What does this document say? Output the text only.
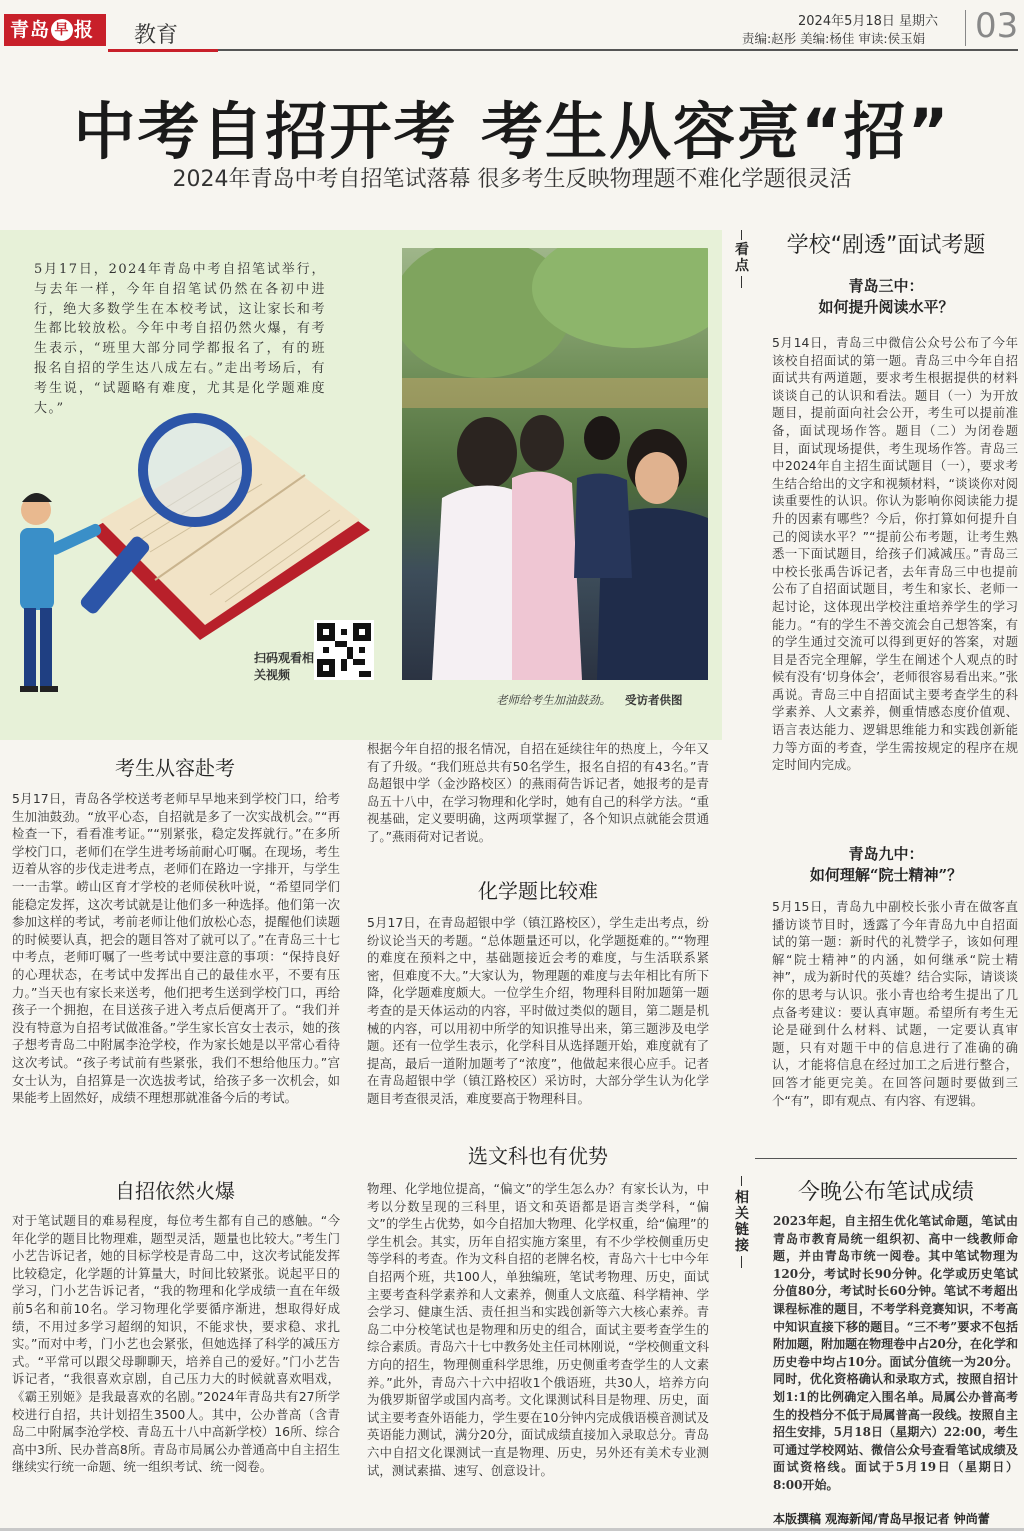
青岛 早 报	教育
2024年5月18日 星期六
责编:赵彤 美编:杨佳 审读:侯玉娟 03
中考自招开考 考生从容亮“招”
2024年青岛中考自招笔试落幕 很多考生反映物理题不难化学题很灵活
5月17日，2024年青岛中考自招笔试举行，与去年一样，今年自招笔试仍然在各初中进行，绝大多数学生在本校考试，这让家长和考生都比较放松。今年中考自招仍然火爆，有考生表示，“班里大部分同学都报名了，有的班报名自招的学生达八成左右。”走出考场后，有考生说，“试题略有难度，尤其是化学题难度大。”
扫码观看相关视频
老师给考生加油鼓劲。 受访者供图
考生从容赴考
5月17日，青岛各学校送考老师早早地来到学校门口，给考生加油鼓劲。“放平心态，自招就是多了一次实战机会。”“再检查一下，看看准考证。”“别紧张，稳定发挥就行。”在多所学校门口，老师们在学生进考场前耐心叮嘱。在现场，考生迈着从容的步伐走进考点，老师们在路边一字排开，与学生一一击掌。崂山区育才学校的老师侯秋叶说，“希望同学们能稳定发挥，这次考试就是让他们多一种选择。他们第一次参加这样的考试，考前老师让他们放松心态，提醒他们读题的时候要认真，把会的题目答对了就可以了。”在青岛三十七中考点，老师叮嘱了一些考试中要注意的事项：“保持良好的心理状态，在考试中发挥出自己的最佳水平，不要有压力。”当天也有家长来送考，他们把考生送到学校门口，再给孩子一个拥抱，在目送孩子进入考点后便离开了。“我们并没有特意为自招考试做准备。”学生家长宫女士表示，她的孩子想考青岛二中附属李沧学校，作为家长她是以平常心看待这次考试。“孩子考试前有些紧张，我们不想给他压力。”宫女士认为，自招算是一次选拔考试，给孩子多一次机会，如果能考上固然好，成绩不理想那就准备今后的考试。
自招依然火爆
对于笔试题目的难易程度，每位考生都有自己的感触。“今年化学的题目比物理难，题型灵活，题量也比较大。”考生门小艺告诉记者，她的目标学校是青岛二中，这次考试能发挥比较稳定，化学题的计算量大，时间比较紧张。说起平日的学习，门小艺告诉记者，“我的物理和化学成绩一直在年级前5名和前10名。学习物理化学要循序渐进，想取得好成绩，不用过多学习超纲的知识，不能求快，要求稳、求扎实。”而对中考，门小艺也会紧张，但她选择了科学的减压方式。“平常可以跟父母聊聊天，培养自己的爱好。”门小艺告诉记者，“我很喜欢京剧，自己压力大的时候就喜欢唱戏，《霸王别姬》是我最喜欢的名剧。”2024年青岛共有27所学校进行自招，共计划招生3500人。其中，公办普高（含青岛二中附属李沧学校、青岛五十八中高新学校）16所、综合高中3所、民办普高8所。青岛市局属公办普通高中自主招生继续实行统一命题、统一组织考试、统一阅卷。
根据今年自招的报名情况，自招在延续往年的热度上，今年又有了升级。“我们班总共有50名学生，报名自招的有43名。”青岛超银中学（金沙路校区）的燕雨荷告诉记者，她报考的是青岛五十八中，在学习物理和化学时，她有自己的科学方法。“重视基础，定义要明确，这两项掌握了，各个知识点就能会贯通了。”燕雨荷对记者说。
化学题比较难
5月17日，在青岛超银中学（镇江路校区），学生走出考点，纷纷议论当天的考题。“总体题量还可以，化学题挺难的。”“物理的难度在预料之中，基础题接近会考的难度，与生活联系紧密，但难度不大。”大家认为，物理题的难度与去年相比有所下降，化学题难度颇大。一位学生介绍，物理科目附加题第一题考查的是天体运动的内容，平时做过类似的题目，第二题是机械的内容，可以用初中所学的知识推导出来，第三题涉及电学题。还有一位学生表示，化学科目从选择题开始，难度就有了提高，最后一道附加题考了“浓度”，他做起来很心应手。记者在青岛超银中学（镇江路校区）采访时，大部分学生认为化学题目考查很灵活，难度要高于物理科目。
选文科也有优势
物理、化学地位提高，“偏文”的学生怎么办？有家长认为，中考以分数呈现的三科里，语文和英语都是语言类学科，“偏文”的学生占优势，如今自招加大物理、化学权重，给“偏理”的学生机会。其实，历年自招实施方案里，有不少学校侧重历史等学科的考查。作为文科自招的老牌名校，青岛六十七中今年自招两个班，共100人，单独编班，笔试考物理、历史，面试主要考查科学素养和人文素养，侧重人文底蕴、科学精神、学会学习、健康生活、责任担当和实践创新等六大核心素养。青岛二中分校笔试也是物理和历史的组合，面试主要考查学生的综合素质。青岛六十七中教务处主任司林刚说，“学校侧重文科方向的招生，物理侧重科学思维，历史侧重考查学生的人文素养。”此外，青岛六十六中招收1个俄语班，共30人，培养方向为俄罗斯留学或国内高考。文化课测试科目是物理、历史，面试主要考查外语能力，学生要在10分钟内完成俄语模音测试及英语能力测试，满分20分，面试成绩直接加入录取总分。青岛六中自招文化课测试一直是物理、历史，另外还有美术专业测试，测试素描、速写、创意设计。
看点
学校“剧透”面试考题
青岛三中：
如何提升阅读水平？
5月14日，青岛三中微信公众号公布了今年该校自招面试的第一题。青岛三中今年自招面试共有两道题，要求考生根据提供的材料谈谈自己的认识和看法。题目（一）为开放题目，提前面向社会公开，考生可以提前准备，面试现场作答。题目（二）为闭卷题目，面试现场提供，考生现场作答。青岛三中2024年自主招生面试题目（一），要求考生结合给出的文字和视频材料，“谈谈你对阅读重要性的认识。你认为影响你阅读能力提升的因素有哪些？今后，你打算如何提升自己的阅读水平？”“提前公布考题，让考生熟悉一下面试题目，给孩子们减减压。”青岛三中校长张禹告诉记者，去年青岛三中也提前公布了自招面试题目，考生和家长、老师一起讨论，这体现出学校注重培养学生的学习能力。“有的学生不善交流会自己想答案，有的学生通过交流可以得到更好的答案，对题目是否完全理解，学生在阐述个人观点的时候有没有‘切身体会’，老师很容易看出来。”张禹说。青岛三中自招面试主要考查学生的科学素养、人文素养，侧重情感态度价值观、语言表达能力、逻辑思维能力和实践创新能力等方面的考查，学生需按规定的程序在规定时间内完成。
青岛九中：
如何理解“院士精神”？
5月15日，青岛九中副校长张小青在做客直播访谈节目时，透露了今年青岛九中自招面试的第一题：新时代的礼赞学子，该如何理解“院士精神”的内涵，如何继承“院士精神”，成为新时代的英雄？结合实际，请谈谈你的思考与认识。张小青也给考生提出了几点备考建议：要认真审题。希望所有考生无论是碰到什么材料、试题，一定要认真审题，只有对题干中的信息进行了准确的确认，才能将信息在经过加工之后进行整合，回答才能更完美。在回答问题时要做到三个“有”，即有观点、有内容、有逻辑。
相关链接
今晚公布笔试成绩
2023年起，自主招生优化笔试命题，笔试由青岛市教育局统一组织初、高中一线教师命题，并由青岛市统一阅卷。其中笔试物理为120分，考试时长90分钟。化学或历史笔试分值80分，考试时长60分钟。笔试不考超出课程标准的题目，不考学科竞赛知识，不考高中知识直接下移的题目。“三不考”要求不包括附加题，附加题在物理卷中占20分，在化学和历史卷中均占10分。面试分值统一为20分。同时，优化资格确认和录取方式，按照自招计划1:1的比例确定入围名单。局属公办普高考生的投档分不低于局属普高一段线。按照自主招生安排，5月18日（星期六）22:00，考生可通过学校网站、微信公众号查看笔试成绩及面试资格线。面试于5月19日（星期日）8:00开始。
本版撰稿 观海新闻/青岛早报记者 钟尚蕾
